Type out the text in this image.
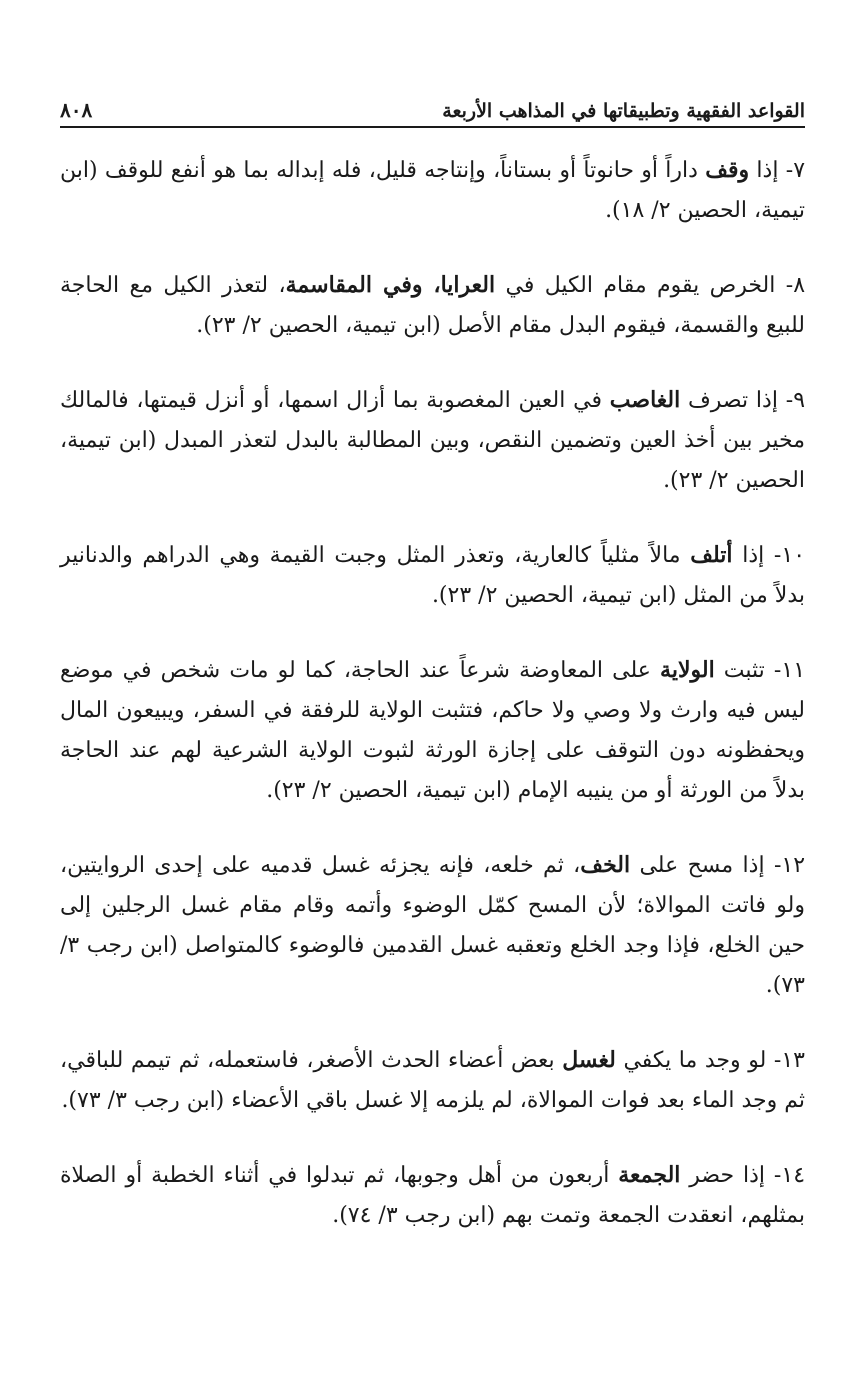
القواعد الفقهية وتطبيقاتها في المذاهب الأربعة
٨٠٨

٧- إذا وقف داراً أو حانوتاً أو بستاناً، وإنتاجه قليل، فله إبداله بما هو أنفع للوقف (ابن تيمية، الحصين ٢/ ١٨).

٨- الخرص يقوم مقام الكيل في العرايا، وفي المقاسمة، لتعذر الكيل مع الحاجة للبيع والقسمة، فيقوم البدل مقام الأصل (ابن تيمية، الحصين ٢/ ٢٣).

٩- إذا تصرف الغاصب في العين المغصوبة بما أزال اسمها، أو أنزل قيمتها، فالمالك مخير بين أخذ العين وتضمين النقص، وبين المطالبة بالبدل لتعذر المبدل (ابن تيمية، الحصين ٢/ ٢٣).

١٠- إذا أتلف مالاً مثلياً كالعارية، وتعذر المثل وجبت القيمة وهي الدراهم والدنانير بدلاً من المثل (ابن تيمية، الحصين ٢/ ٢٣).

١١- تثبت الولاية على المعاوضة شرعاً عند الحاجة، كما لو مات شخص في موضع ليس فيه وارث ولا وصي ولا حاكم، فتثبت الولاية للرفقة في السفر، ويبيعون المال ويحفظونه دون التوقف على إجازة الورثة لثبوت الولاية الشرعية لهم عند الحاجة بدلاً من الورثة أو من ينيبه الإمام (ابن تيمية، الحصين ٢/ ٢٣).

١٢- إذا مسح على الخف، ثم خلعه، فإنه يجزئه غسل قدميه على إحدى الروايتين، ولو فاتت الموالاة؛ لأن المسح كمّل الوضوء وأتمه وقام مقام غسل الرجلين إلى حين الخلع، فإذا وجد الخلع وتعقبه غسل القدمين فالوضوء كالمتواصل (ابن رجب ٣/ ٧٣).

١٣- لو وجد ما يكفي لغسل بعض أعضاء الحدث الأصغر، فاستعمله، ثم تيمم للباقي، ثم وجد الماء بعد فوات الموالاة، لم يلزمه إلا غسل باقي الأعضاء (ابن رجب ٣/ ٧٣).

١٤- إذا حضر الجمعة أربعون من أهل وجوبها، ثم تبدلوا في أثناء الخطبة أو الصلاة بمثلهم، انعقدت الجمعة وتمت بهم (ابن رجب ٣/ ٧٤).
